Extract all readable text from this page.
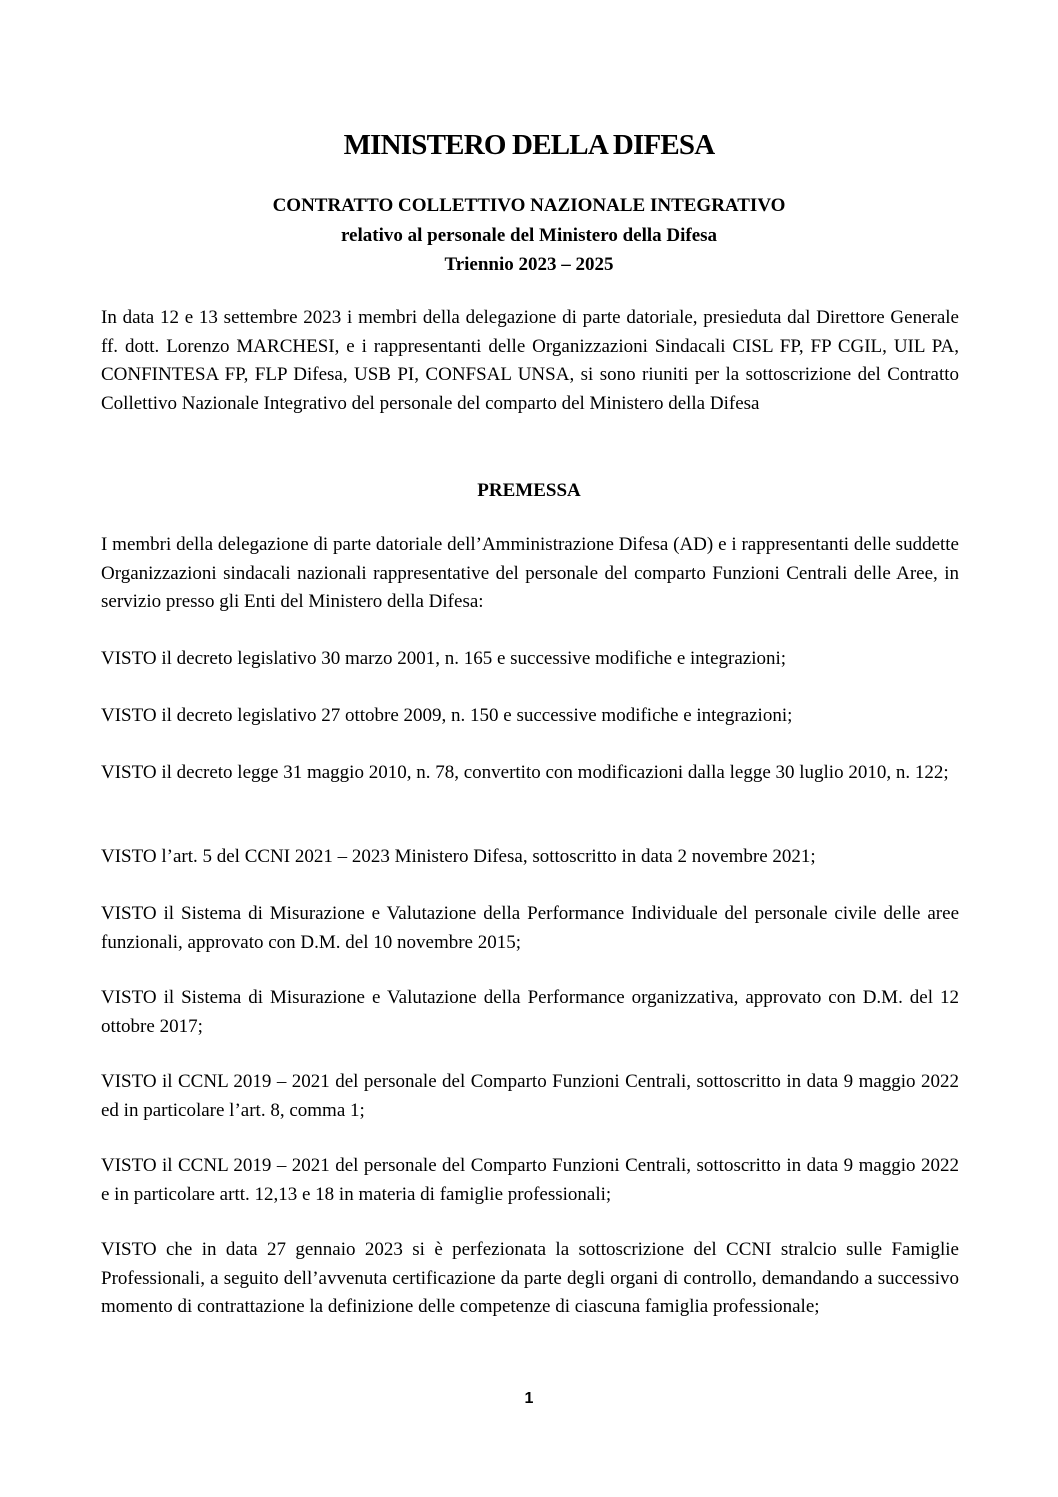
MINISTERO DELLA DIFESA
CONTRATTO COLLETTIVO NAZIONALE INTEGRATIVO
relativo al personale del Ministero della Difesa
Triennio 2023 – 2025

In data 12 e 13 settembre 2023 i membri della delegazione di parte datoriale, presieduta dal Direttore Generale ff. dott. Lorenzo MARCHESI, e i rappresentanti delle Organizzazioni Sindacali CISL FP, FP CGIL, UIL PA, CONFINTESA FP, FLP Difesa, USB PI, CONFSAL UNSA, si sono riuniti per la sottoscrizione del Contratto Collettivo Nazionale Integrativo del personale del comparto del Ministero della Difesa

PREMESSA

I membri della delegazione di parte datoriale dell’Amministrazione Difesa (AD) e i rappresentanti delle suddette Organizzazioni sindacali nazionali rappresentative del personale del comparto Funzioni Centrali delle Aree, in servizio presso gli Enti del Ministero della Difesa:

VISTO il decreto legislativo 30 marzo 2001, n. 165 e successive modifiche e integrazioni;

VISTO il decreto legislativo 27 ottobre 2009, n. 150 e successive modifiche e integrazioni;

VISTO il decreto legge 31 maggio 2010, n. 78, convertito con modificazioni dalla legge 30 luglio 2010, n. 122;

VISTO l’art. 5 del CCNI 2021 – 2023 Ministero Difesa, sottoscritto in data 2 novembre 2021;

VISTO il Sistema di Misurazione e Valutazione della Performance Individuale del personale civile delle aree funzionali, approvato con D.M. del 10 novembre 2015;

VISTO il Sistema di Misurazione e Valutazione della Performance organizzativa, approvato con D.M. del 12 ottobre 2017;

VISTO il CCNL 2019 – 2021 del personale del Comparto Funzioni Centrali, sottoscritto in data 9 maggio 2022 ed in particolare l’art. 8, comma 1;

VISTO il CCNL 2019 – 2021 del personale del Comparto Funzioni Centrali, sottoscritto in data 9 maggio 2022 e in particolare artt. 12,13 e 18 in materia di famiglie professionali;

VISTO che in data 27 gennaio 2023 si è perfezionata la sottoscrizione del CCNI stralcio sulle Famiglie Professionali, a seguito dell’avvenuta certificazione da parte degli organi di controllo, demandando a successivo momento di contrattazione la definizione delle competenze di ciascuna famiglia professionale;

1
